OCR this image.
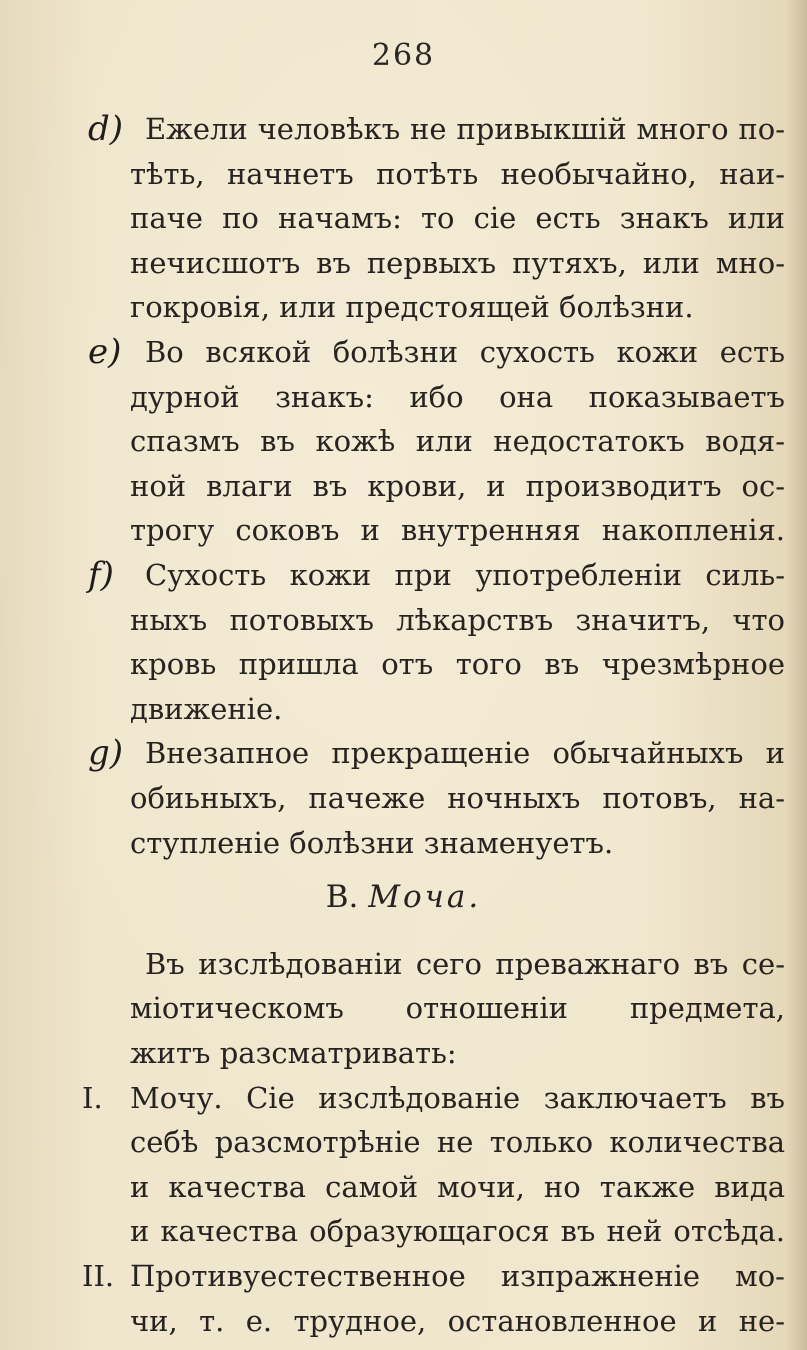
268
d) Ежели человѣкъ не привыкшій много по-
тѣть, начнетъ потѣть необычайно, наи-
паче по начамъ: то сіе есть знакъ или
нечисшотъ въ первыхъ путяхъ, или мно-
гокровія, или предстоящей болѣзни.
e) Во всякой болѣзни сухость кожи есть
дурной знакъ: ибо она показываетъ
спазмъ въ кожѣ или недостатокъ водя-
ной влаги въ крови, и производитъ ос-
трогу соковъ и внутренняя накопленія.
f) Сухость кожи при употребленіи силь-
ныхъ потовыхъ лѣкарствъ значитъ, что
кровь пришла отъ того въ чрезмѣрное
движеніе.
g) Внезапное прекращеніе обычайныхъ и
обиьныхъ, пачеже ночныхъ потовъ, на-
ступленіе болѣзни знаменуетъ.
B. Моча.
Въ изслѣдованіи сего преважнаго въ се-
міотическомъ отношеніи предмета,
житъ разсматривать:
I. Мочу. Сіе изслѣдованіе заключаетъ въ
себѣ разсмотрѣніе не только количества
и качества самой мочи, но также вида
и качества образующагося въ ней отсѣда.
II. Противуестественное изпражненіе мо-
чи, т. е. трудное, остановленное и не-
